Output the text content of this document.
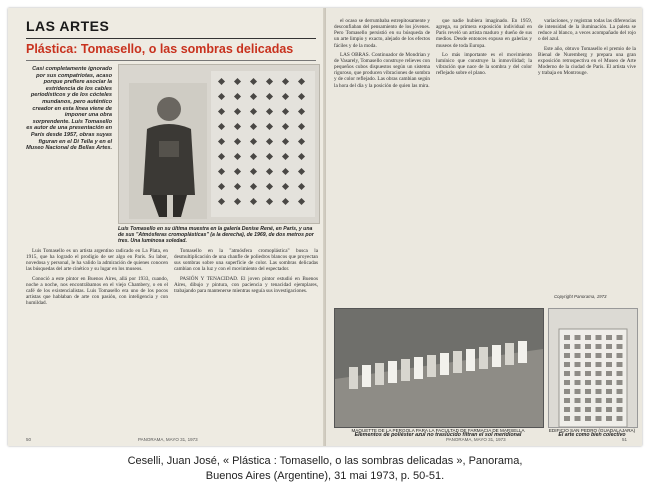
LAS ARTES
Plástica: Tomasello, o las sombras delicadas
Casi completamente ignorado por sus compatriotas, acaso porque prefiere asociar la estridencia de los cables periodísticos y de los cócteles mundanos, pero auténtico creador en esta línea viene de imponer una obra sorprendente. Luis Tomasello es autor de una presentación en París desde 1957, obras suyas figuran en el Di Tella y en el Museo Nacional de Bellas Artes.
Luis Tomasello en su última muestra en la galería Denise René, en París, y una de sus "Atmósferas cromoplásticas" (a la derecha), de 1969, de dos metros por tres. Una luminosa soledad.

Luis Tomasello es un artista argentino radicado en La Plata, en 1915, que ha logrado el prodigio de ser algo en París. Su labor, novedosa y personal, le ha valido la admiración de quienes conocen las búsquedas del arte cinético y su lugar en los museos.

Conoció a este pintor en Buenos Aires, allá por 1933, cuando, noche a noche, nos encontrábamos en el viejo Chambery, o en el café de los existencialistas. Luis Tomasello era uno de los pocos artistas que hablaban de arte con pasión, con inteligencia y con humildad.

Tomasello en la "atmósfera cromoplástica" busca la desmultiplicación de una chanfle de poliedros blancos que proyectan sus sombras sobre una superficie de color. Las sombras delicadas cambian con la luz y con el movimiento del espectador.

PASIÓN Y TENACIDAD. El joven pintor estudió en Buenos Aires, dibujo y pintura, con paciencia y tenacidad ejemplares, trabajando para mantenerse mientras seguía sus investigaciones.

50	PANORAMA, MAYO 31, 1973

el ocaso se derrumbaba estrepitosamente y desconfiaban del pensamiento de los jóvenes. Pero Tomasello persistió en su búsqueda de un arte limpio y exacto, alejado de los efectos fáciles y de la moda.

LAS OBRAS. Continuador de Mondrian y de Vasarely, Tomasello construye relieves con pequeños cubos dispuestos según un sistema riguroso, que producen vibraciones de sombra y de color reflejado. Las obras cambian según la hora del día y la posición de quien las mira.

que nadie hubiera imaginado. En 1959, agrega, su primera exposición individual en París reveló un artista maduro y dueño de sus medios. Desde entonces expuso en galerías y museos de toda Europa.

Lo más importante es el movimiento lumínico que construye la inmovilidad; la vibración que nace de la sombra y del color reflejado sobre el plano.

variaciones, y registran todas las diferencias de intensidad de la iluminación. La paleta se reduce al blanco, a veces acompañado del rojo o del azul.

Este año, obtuvo Tomasello el premio de la Bienal de Nuremberg y prepara una gran exposición retrospectiva en el Museo de Arte Moderno de la ciudad de París. El artista vive y trabaja en Montrouge.

Copyright Panorama, 1973
MAQUETTE DE LA PERGOLA PARA LA FACULTAD DE FARMACIA DE MARSELLA
Elementos de poliéster azul no traslúcido filtran el sol meridional
EDIFICIO SAN PEDRO (GUADALAJARA)
El arte como bien colectivo
PANORAMA, MAYO 31, 1973	51
Ceselli, Juan José, « Plástica : Tomasello, o las sombras delicadas », Panorama,
Buenos Aires (Argentine), 31 mai 1973, p. 50-51.
